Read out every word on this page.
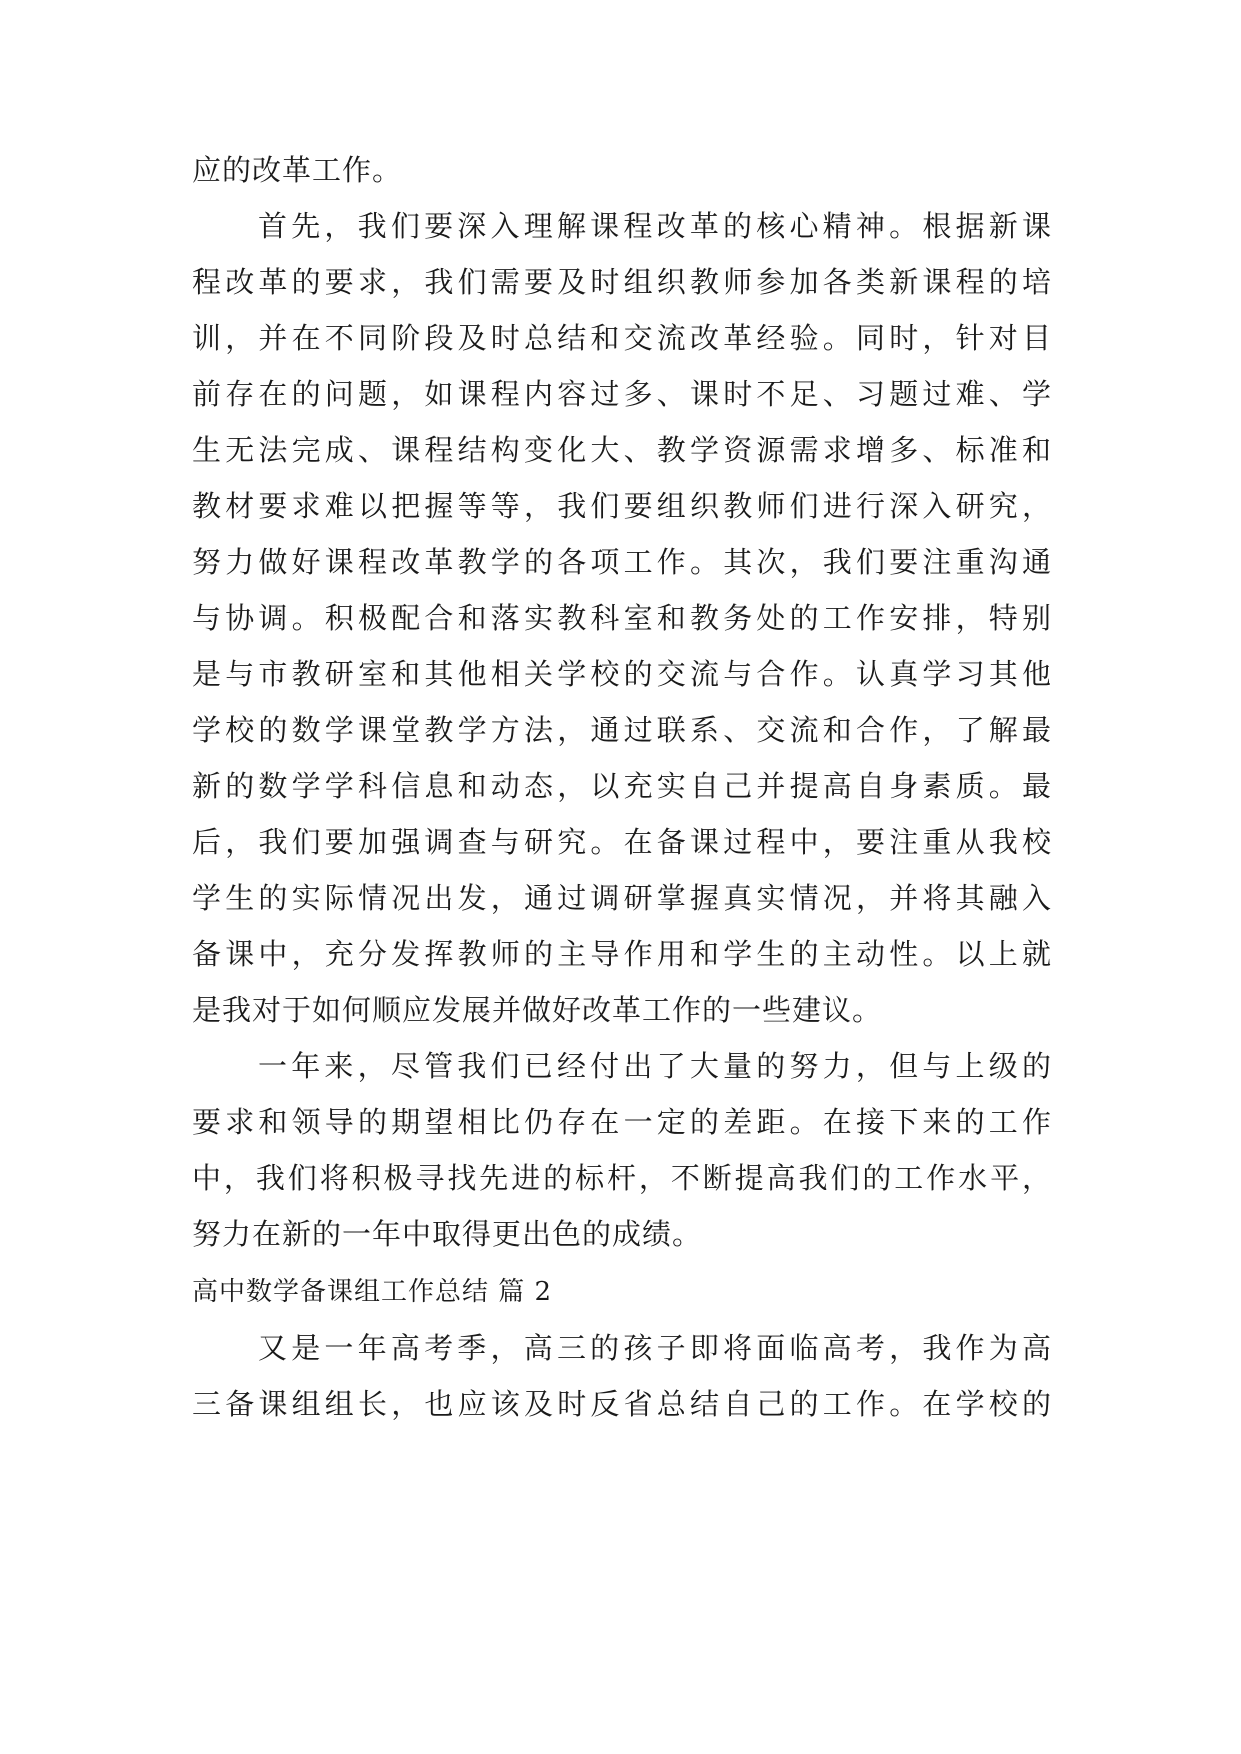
应的改革工作。
首先，我们要深入理解课程改革的核心精神。根据新课
程改革的要求，我们需要及时组织教师参加各类新课程的培
训，并在不同阶段及时总结和交流改革经验。同时，针对目
前存在的问题，如课程内容过多、课时不足、习题过难、学
生无法完成、课程结构变化大、教学资源需求增多、标准和
教材要求难以把握等等，我们要组织教师们进行深入研究，
努力做好课程改革教学的各项工作。其次，我们要注重沟通
与协调。积极配合和落实教科室和教务处的工作安排，特别
是与市教研室和其他相关学校的交流与合作。认真学习其他
学校的数学课堂教学方法，通过联系、交流和合作，了解最
新的数学学科信息和动态，以充实自己并提高自身素质。最
后，我们要加强调查与研究。在备课过程中，要注重从我校
学生的实际情况出发，通过调研掌握真实情况，并将其融入
备课中，充分发挥教师的主导作用和学生的主动性。以上就
是我对于如何顺应发展并做好改革工作的一些建议。
一年来，尽管我们已经付出了大量的努力，但与上级的
要求和领导的期望相比仍存在一定的差距。在接下来的工作
中，我们将积极寻找先进的标杆，不断提高我们的工作水平，
努力在新的一年中取得更出色的成绩。
高中数学备课组工作总结 篇 2
又是一年高考季，高三的孩子即将面临高考，我作为高
三备课组组长，也应该及时反省总结自己的工作。在学校的
